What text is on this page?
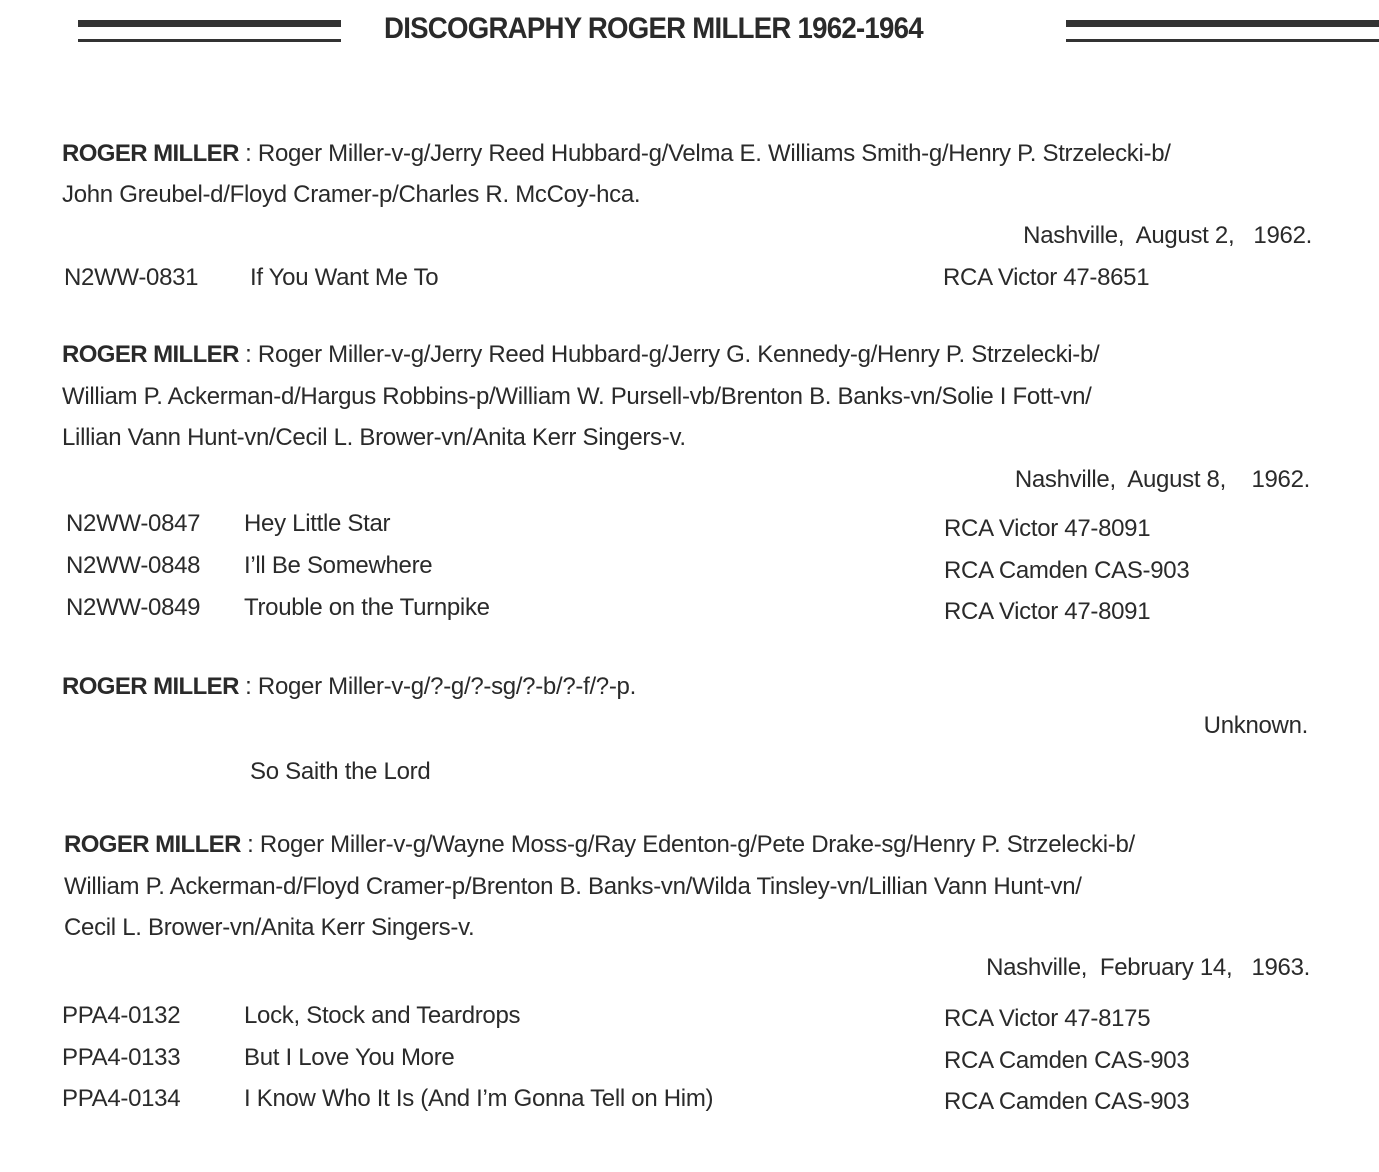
DISCOGRAPHY ROGER MILLER 1962-1964
ROGER MILLER : Roger Miller-v-g/Jerry Reed Hubbard-g/Velma E. Williams Smith-g/Henry P. Strzelecki-b/
John Greubel-d/Floyd Cramer-p/Charles R. McCoy-hca.
Nashville,  August 2,   1962.
N2WW-0831 If You Want Me To	RCA Victor 47-8651
ROGER MILLER : Roger Miller-v-g/Jerry Reed Hubbard-g/Jerry G. Kennedy-g/Henry P. Strzelecki-b/
William P. Ackerman-d/Hargus Robbins-p/William W. Pursell-vb/Brenton B. Banks-vn/Solie I Fott-vn/
Lillian Vann Hunt-vn/Cecil L. Brower-vn/Anita Kerr Singers-v.
Nashville,  August 8,    1962.
N2WW-0847 Hey Little Star	RCA Victor 47-8091
N2WW-0848 I’ll Be Somewhere	RCA Camden CAS-903
N2WW-0849 Trouble on the Turnpike	RCA Victor 47-8091
ROGER MILLER : Roger Miller-v-g/?-g/?-sg/?-b/?-f/?-p.
Unknown.
So Saith the Lord
ROGER MILLER : Roger Miller-v-g/Wayne Moss-g/Ray Edenton-g/Pete Drake-sg/Henry P. Strzelecki-b/
William P. Ackerman-d/Floyd Cramer-p/Brenton B. Banks-vn/Wilda Tinsley-vn/Lillian Vann Hunt-vn/
Cecil L. Brower-vn/Anita Kerr Singers-v.
Nashville,  February 14,   1963.
PPA4-0132	Lock, Stock and Teardrops	RCA Victor 47-8175
PPA4-0133	But I Love You More	RCA Camden CAS-903
PPA4-0134	I Know Who It Is (And I’m Gonna Tell on Him)	RCA Camden CAS-903
